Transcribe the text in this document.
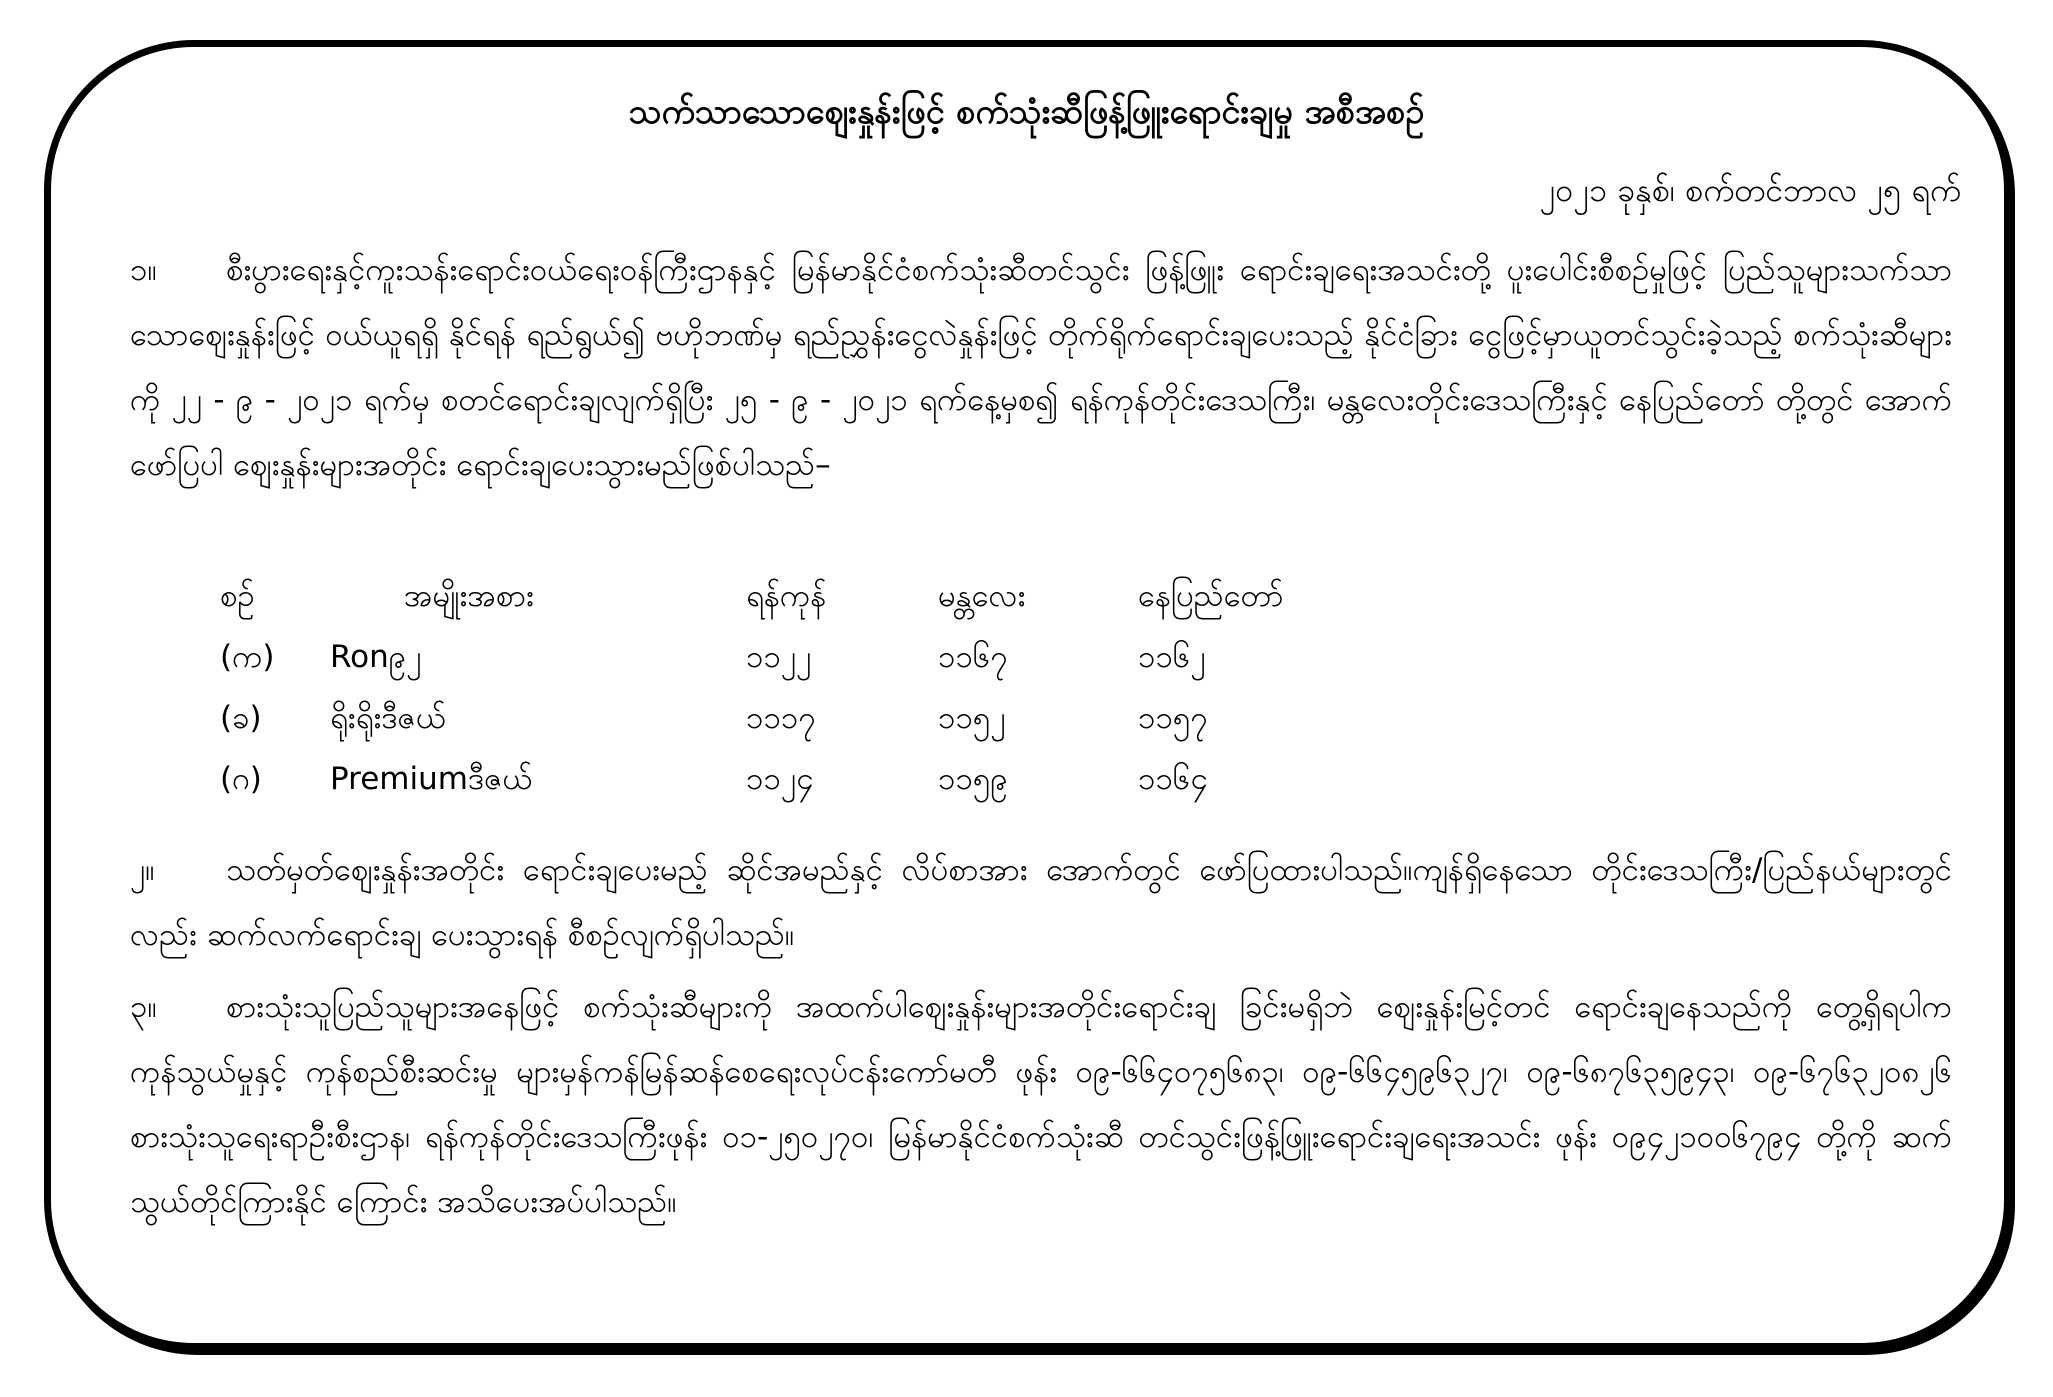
သက်သာသောဈေးနှုန်းဖြင့် စက်သုံးဆီဖြန့်ဖြူးရောင်းချမှု အစီအစဉ်
၂၀၂၁ ခုနှစ်၊ စက်တင်ဘာလ ၂၅ ရက်

၁။ စီးပွားရေးနှင့်ကူးသန်းရောင်းဝယ်ရေးဝန်ကြီးဌာနနှင့် မြန်မာနိုင်ငံစက်သုံးဆီတင်သွင်း ဖြန့်ဖြူး ရောင်းချရေးအသင်းတို့ ပူးပေါင်းစီစဉ်မှုဖြင့် ပြည်သူများသက်သာသောဈေးနှုန်းဖြင့် ဝယ်ယူရရှိ နိုင်ရန် ရည်ရွယ်၍ ဗဟိုဘဏ်မှ ရည်ညွှန်းငွေလဲနှုန်းဖြင့် တိုက်ရိုက်ရောင်းချပေးသည့် နိုင်ငံခြား ငွေဖြင့်မှာယူတင်သွင်းခဲ့သည့် စက်သုံးဆီများကို ၂၂ - ၉ - ၂၀၂၁ ရက်မှ စတင်ရောင်းချလျက်ရှိပြီး ၂၅ - ၉ - ၂၀၂၁ ရက်နေ့မှစ၍ ရန်ကုန်တိုင်းဒေသကြီး၊ မန္တလေးတိုင်းဒေသကြီးနှင့် နေပြည်တော် တို့တွင် အောက်ဖော်ပြပါ ဈေးနှုန်းများအတိုင်း ရောင်းချပေးသွားမည်ဖြစ်ပါသည်–

စဉ်	အမျိုးအစား	ရန်ကုန်	မန္တလေး	နေပြည်တော်
(က)	Ron၉၂	၁၁၂၂	၁၁၆၇	၁၁၆၂
(ခ)	ရိုးရိုးဒီဇယ်	၁၁၁၇	၁၁၅၂	၁၁၅၇
(ဂ)	Premiumဒီဇယ်	၁၁၂၄	၁၁၅၉	၁၁၆၄

၂။ သတ်မှတ်ဈေးနှုန်းအတိုင်း ရောင်းချပေးမည့် ဆိုင်အမည်နှင့် လိပ်စာအား အောက်တွင် ဖော်ပြထားပါသည်။ကျန်ရှိနေသော တိုင်းဒေသကြီး/ပြည်နယ်များတွင်လည်း ဆက်လက်ရောင်းချ ပေးသွားရန် စီစဉ်လျက်ရှိပါသည်။

၃။ စားသုံးသူပြည်သူများအနေဖြင့် စက်သုံးဆီများကို အထက်ပါဈေးနှုန်းများအတိုင်းရောင်းချ ခြင်းမရှိဘဲ ဈေးနှုန်းမြင့်တင် ရောင်းချနေသည်ကို တွေ့ရှိရပါကကုန်သွယ်မှုနှင့် ကုန်စည်စီးဆင်းမှု များမှန်ကန်မြန်ဆန်စေရေးလုပ်ငန်းကော်မတီ ဖုန်း ၀၉-၆၆၄၀၇၅၆၈၃၊ ၀၉-၆၆၄၅၉၆၃၂၇၊ ၀၉-၆၈၇၆၃၅၉၄၃၊ ၀၉-၆၇၆၃၂၀၈၂၆ စားသုံးသူရေးရာဦးစီးဌာန၊ ရန်ကုန်တိုင်းဒေသကြီးဖုန်း ၀၁-၂၅၀၂၇၀၊ မြန်မာနိုင်ငံစက်သုံးဆီ တင်သွင်းဖြန့်ဖြူးရောင်းချရေးအသင်း ဖုန်း ၀၉၄၂၁၀၀၆၇၉၄ တို့ကို ဆက်သွယ်တိုင်ကြားနိုင် ကြောင်း အသိပေးအပ်ပါသည်။
